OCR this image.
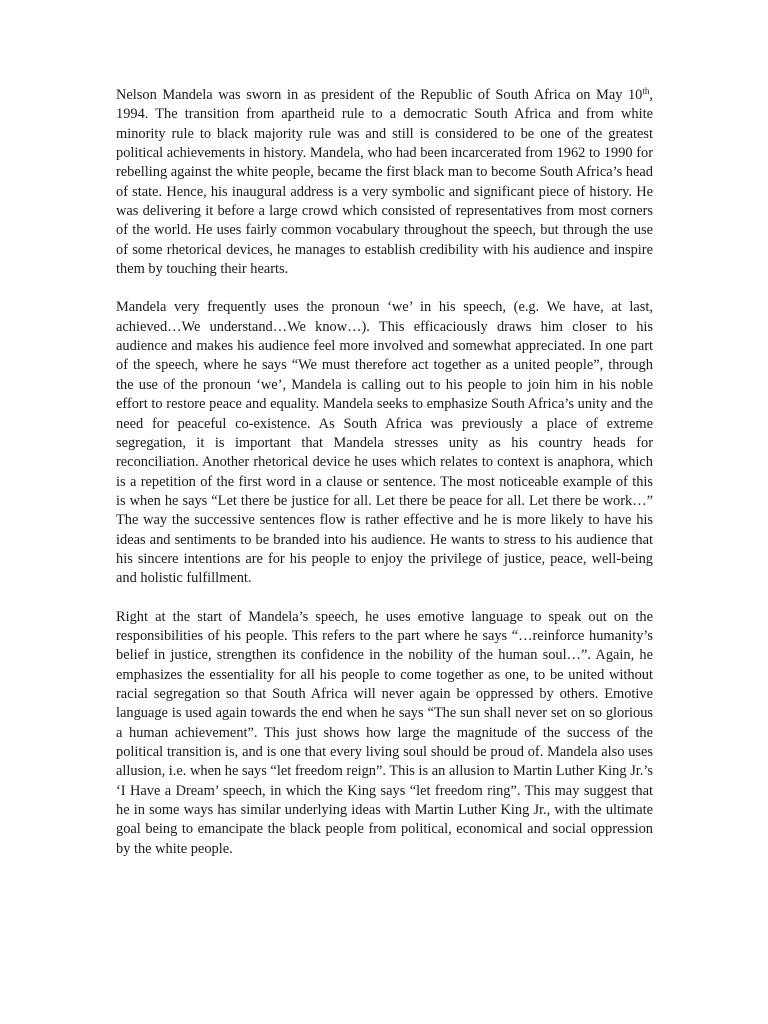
Nelson Mandela was sworn in as president of the Republic of South Africa on May 10th, 1994. The transition from apartheid rule to a democratic South Africa and from white minority rule to black majority rule was and still is considered to be one of the greatest political achievements in history. Mandela, who had been incarcerated from 1962 to 1990 for rebelling against the white people, became the first black man to become South Africa’s head of state. Hence, his inaugural address is a very symbolic and significant piece of history. He was delivering it before a large crowd which consisted of representatives from most corners of the world. He uses fairly common vocabulary throughout the speech, but through the use of some rhetorical devices, he manages to establish credibility with his audience and inspire them by touching their hearts.

Mandela very frequently uses the pronoun ‘we’ in his speech, (e.g. We have, at last, achieved…We understand…We know…). This efficaciously draws him closer to his audience and makes his audience feel more involved and somewhat appreciated. In one part of the speech, where he says “We must therefore act together as a united people”, through the use of the pronoun ‘we’, Mandela is calling out to his people to join him in his noble effort to restore peace and equality. Mandela seeks to emphasize South Africa’s unity and the need for peaceful co-existence. As South Africa was previously a place of extreme segregation, it is important that Mandela stresses unity as his country heads for reconciliation. Another rhetorical device he uses which relates to context is anaphora, which is a repetition of the first word in a clause or sentence. The most noticeable example of this is when he says “Let there be justice for all. Let there be peace for all. Let there be work…” The way the successive sentences flow is rather effective and he is more likely to have his ideas and sentiments to be branded into his audience. He wants to stress to his audience that his sincere intentions are for his people to enjoy the privilege of justice, peace, well-being and holistic fulfillment.

Right at the start of Mandela’s speech, he uses emotive language to speak out on the responsibilities of his people. This refers to the part where he says “…reinforce humanity’s belief in justice, strengthen its confidence in the nobility of the human soul…”. Again, he emphasizes the essentiality for all his people to come together as one, to be united without racial segregation so that South Africa will never again be oppressed by others. Emotive language is used again towards the end when he says “The sun shall never set on so glorious a human achievement”. This just shows how large the magnitude of the success of the political transition is, and is one that every living soul should be proud of. Mandela also uses allusion, i.e. when he says “let freedom reign”. This is an allusion to Martin Luther King Jr.’s ‘I Have a Dream’ speech, in which the King says “let freedom ring”. This may suggest that he in some ways has similar underlying ideas with Martin Luther King Jr., with the ultimate goal being to emancipate the black people from political, economical and social oppression by the white people.
